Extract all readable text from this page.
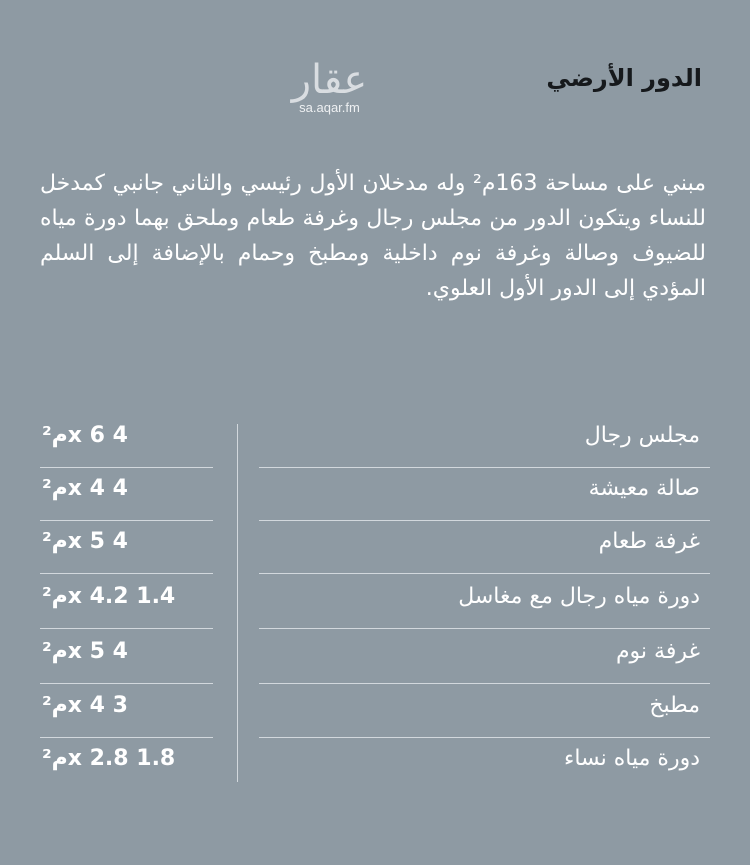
الدور الأرضي
عقار
sa.aqar.fm

مبني على مساحة 163م² وله مدخلان الأول رئيسي والثاني جانبي كمدخل للنساء ويتكون الدور من مجلس رجال وغرفة طعام وملحق بهما دورة مياه للضيوف وصالة وغرفة نوم داخلية ومطبخ وحمام بالإضافة إلى السلم المؤدي إلى الدور الأول العلوي.

مجلس رجال
4 x 6م²
صالة معيشة
4 x 4م²
غرفة طعام
4 x 5م²
دورة مياه رجال مع مغاسل
1.4 x 4.2م²
غرفة نوم
4 x 5م²
مطبخ
3 x 4م²
دورة مياه نساء
1.8 x 2.8م²
